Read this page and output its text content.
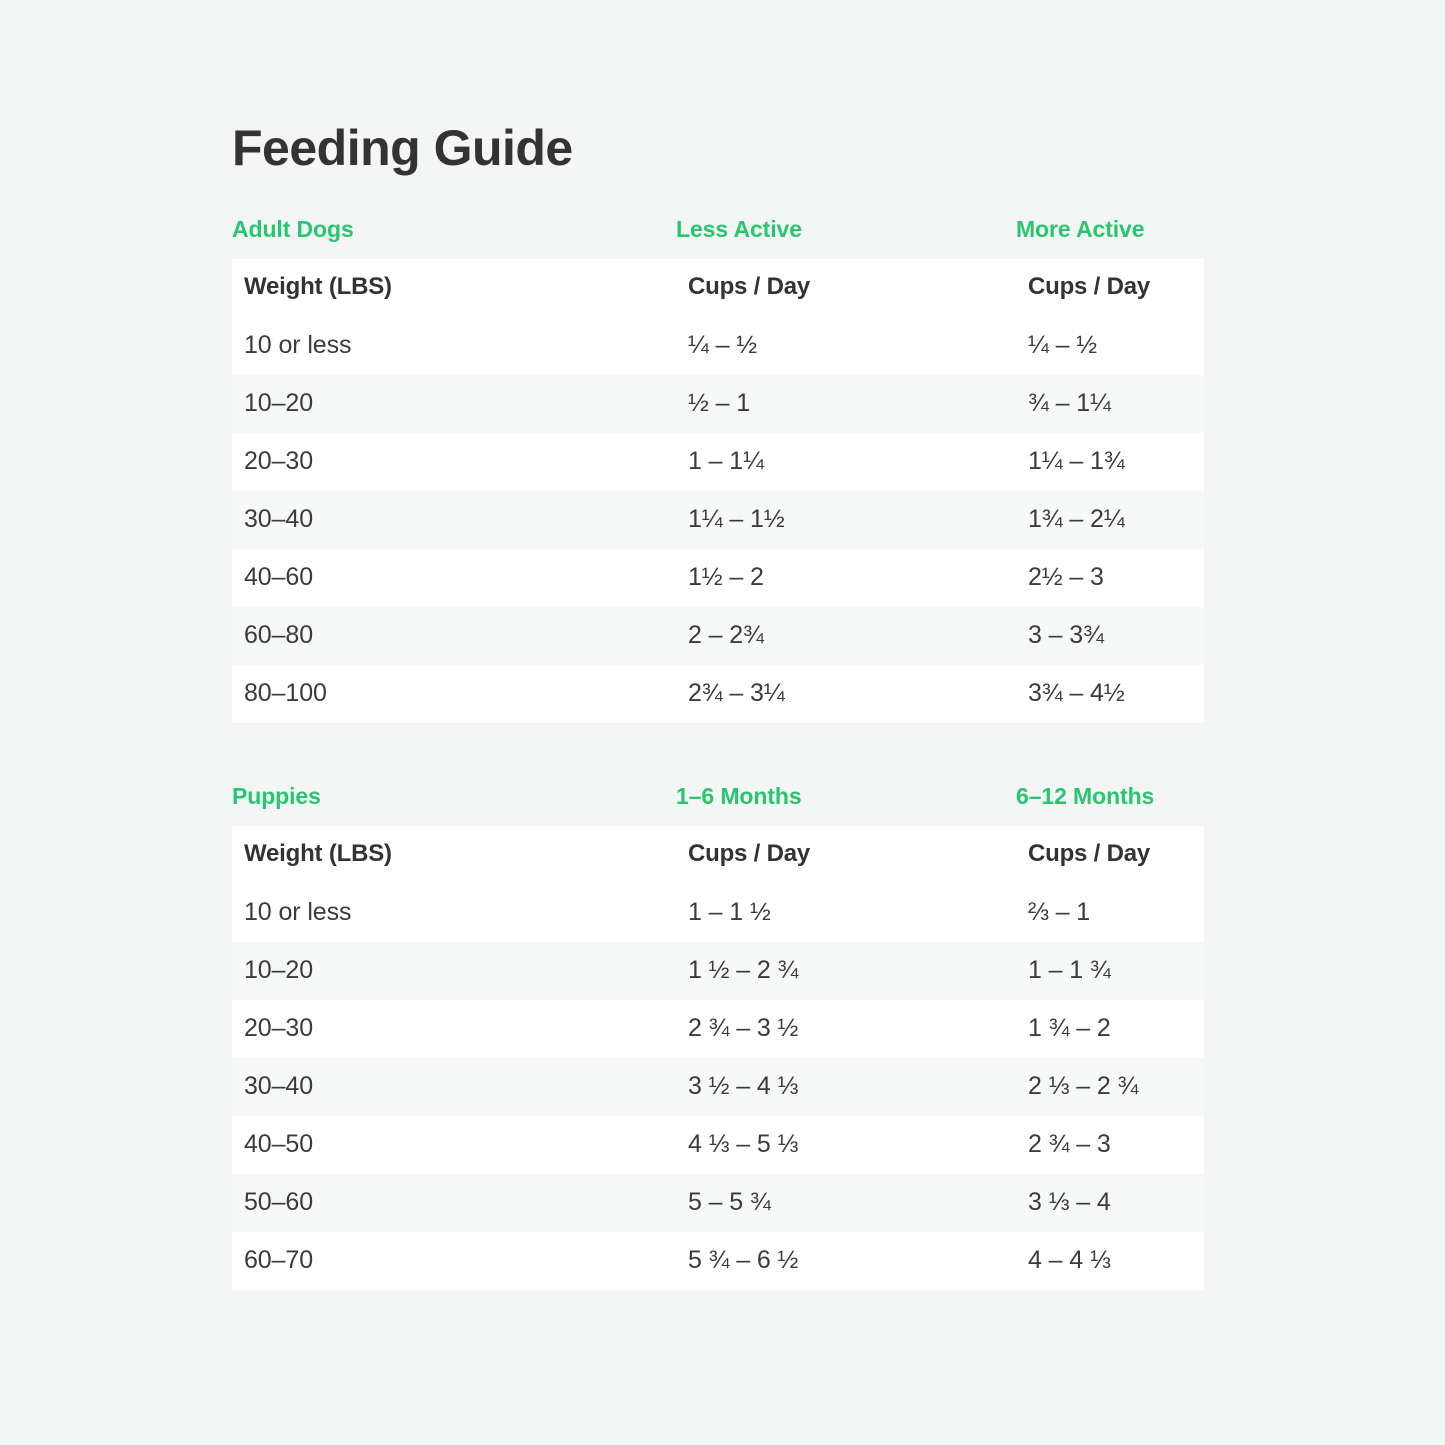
Feeding Guide
Adult Dogs	Less Active	More Active
Weight (LBS)	Cups / Day	Cups / Day
10 or less	¼ – ½	¼ – ½
10–20	½ – 1	¾ – 1¼
20–30	1 – 1¼	1¼ – 1¾
30–40	1¼ – 1½	1¾ – 2¼
40–60	1½ – 2	2½ – 3
60–80	2 – 2¾	3 – 3¾
80–100	2¾ – 3¼	3¾ – 4½
Puppies	1–6 Months	6–12 Months
Weight (LBS)	Cups / Day	Cups / Day
10 or less	1 – 1 ½	⅔ – 1
10–20	1 ½ – 2 ¾	1 – 1 ¾
20–30	2 ¾ – 3 ½	1 ¾ – 2
30–40	3 ½ – 4 ⅓	2 ⅓ – 2 ¾
40–50	4 ⅓ – 5 ⅓	2 ¾ – 3
50–60	5 – 5 ¾	3 ⅓ – 4
60–70	5 ¾ – 6 ½	4 – 4 ⅓
